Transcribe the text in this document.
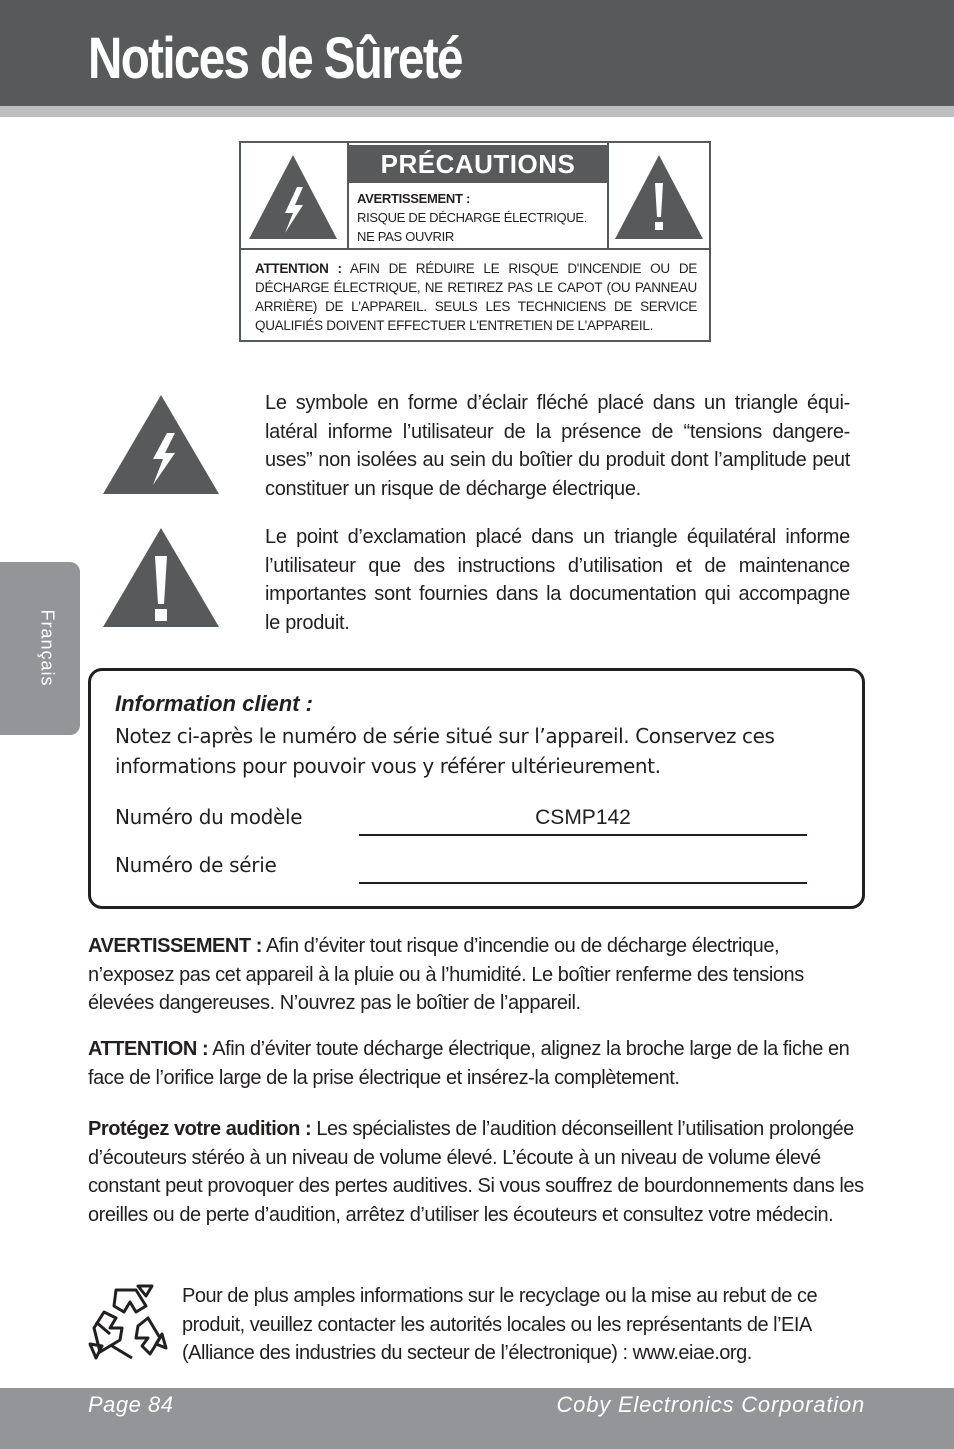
Notices de Sûreté
PRÉCAUTIONS
AVERTISSEMENT :
RISQUE DE DÉCHARGE ÉLECTRIQUE.
NE PAS OUVRIR
ATTENTION : AFIN DE RÉDUIRE LE RISQUE D'INCENDIE OU DE DÉCHARGE ÉLECTRIQUE, NE RETIREZ PAS LE CAPOT (OU PANNEAU ARRIÈRE) DE L'APPAREIL. SEULS LES TECHNICIENS DE SERVICE QUALIFIÉS DOIVENT EFFECTUER L'ENTRETIEN DE L'APPAREIL.

Le symbole en forme d’éclair fléché placé dans un triangle équi-latéral informe l’utilisateur de la présence de “tensions dangere-uses” non isolées au sein du boîtier du produit dont l’amplitude peut constituer un risque de décharge électrique.

Le point d’exclamation placé dans un triangle équilatéral informe l’utilisateur que des instructions d’utilisation et de maintenance importantes sont fournies dans la documentation qui accompagne le produit.

Français
Information client :

Notez ci-après le numéro de série situé sur l’appareil. Conservez ces informations pour pouvoir vous y référer ultérieurement.

Numéro du modèle	CSMP142
Numéro de série

AVERTISSEMENT : Afin d’éviter tout risque d’incendie ou de décharge électrique, n’exposez pas cet appareil à la pluie ou à l’humidité. Le boîtier renferme des tensions élevées dangereuses. N’ouvrez pas le boîtier de l’appareil.

ATTENTION : Afin d’éviter toute décharge électrique, alignez la broche large de la fiche en face de l’orifice large de la prise électrique et insérez-la complètement.

Protégez votre audition : Les spécialistes de l’audition déconseillent l’utilisation prolongée d’écouteurs stéréo à un niveau de volume élevé. L’écoute à un niveau de volume élevé constant peut provoquer des pertes auditives. Si vous souffrez de bourdonnements dans les oreilles ou de perte d’audition, arrêtez d’utiliser les écouteurs et consultez votre médecin.

Pour de plus amples informations sur le recyclage ou la mise au rebut de ce produit, veuillez contacter les autorités locales ou les représentants de l’EIA (Alliance des industries du secteur de l’électronique) : www.eiae.org.

Page 84	Coby Electronics Corporation
